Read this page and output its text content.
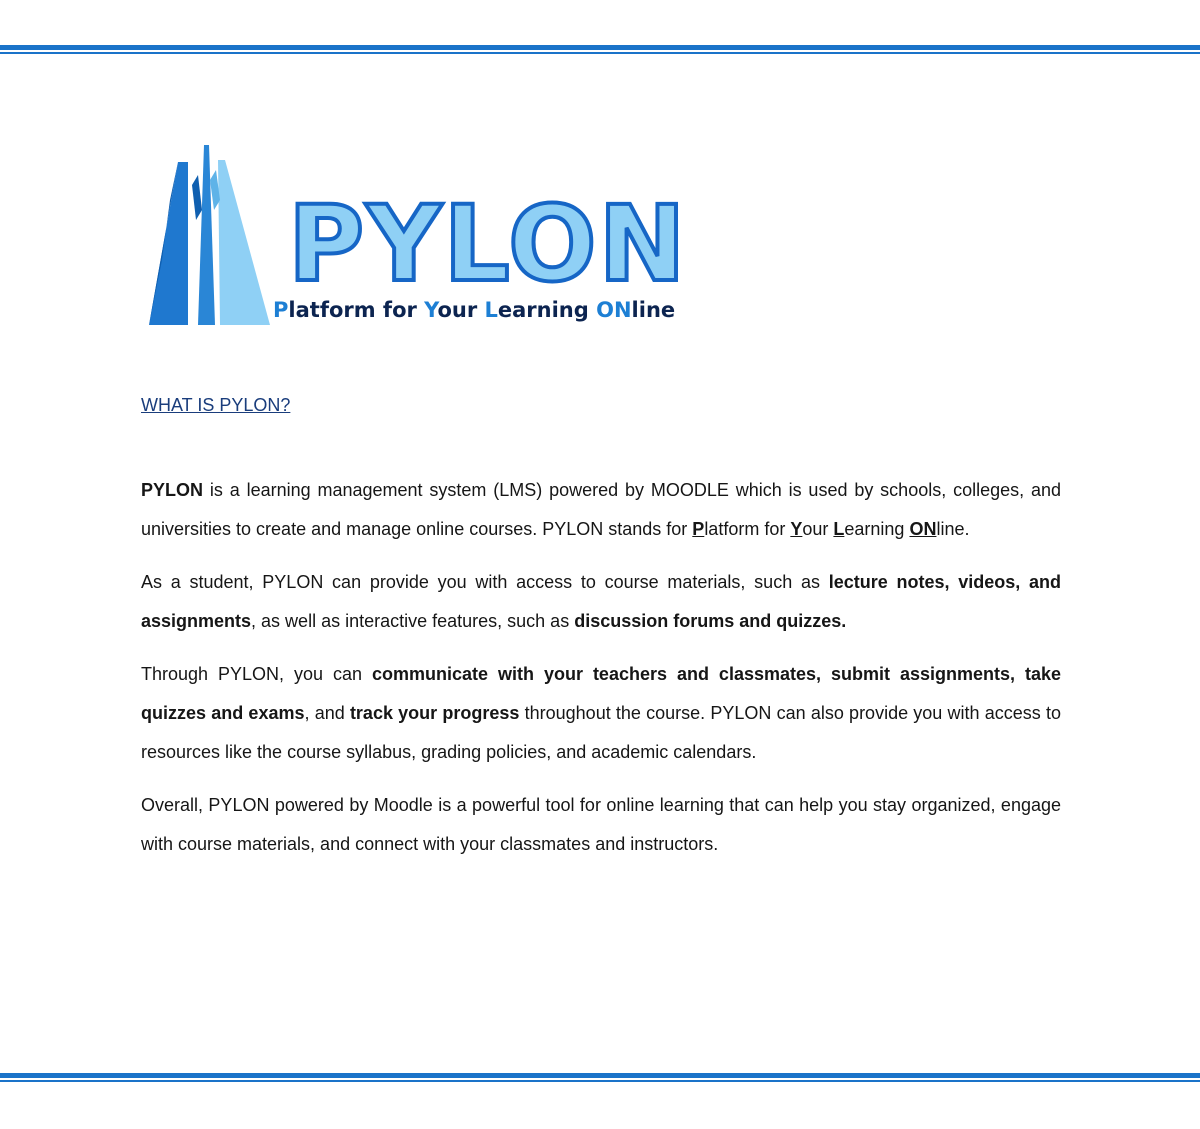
PYLON
Platform for Your Learning ONline
WHAT IS PYLON?

PYLON is a learning management system (LMS) powered by MOODLE which is used by schools, colleges, and universities to create and manage online courses. PYLON stands for Platform for Your Learning ONline.

As a student, PYLON can provide you with access to course materials, such as lecture notes, videos, and assignments, as well as interactive features, such as discussion forums and quizzes.

Through PYLON, you can communicate with your teachers and classmates, submit assignments, take quizzes and exams, and track your progress throughout the course. PYLON can also provide you with access to resources like the course syllabus, grading policies, and academic calendars.

Overall, PYLON powered by Moodle is a powerful tool for online learning that can help you stay organized, engage with course materials, and connect with your classmates and instructors.
